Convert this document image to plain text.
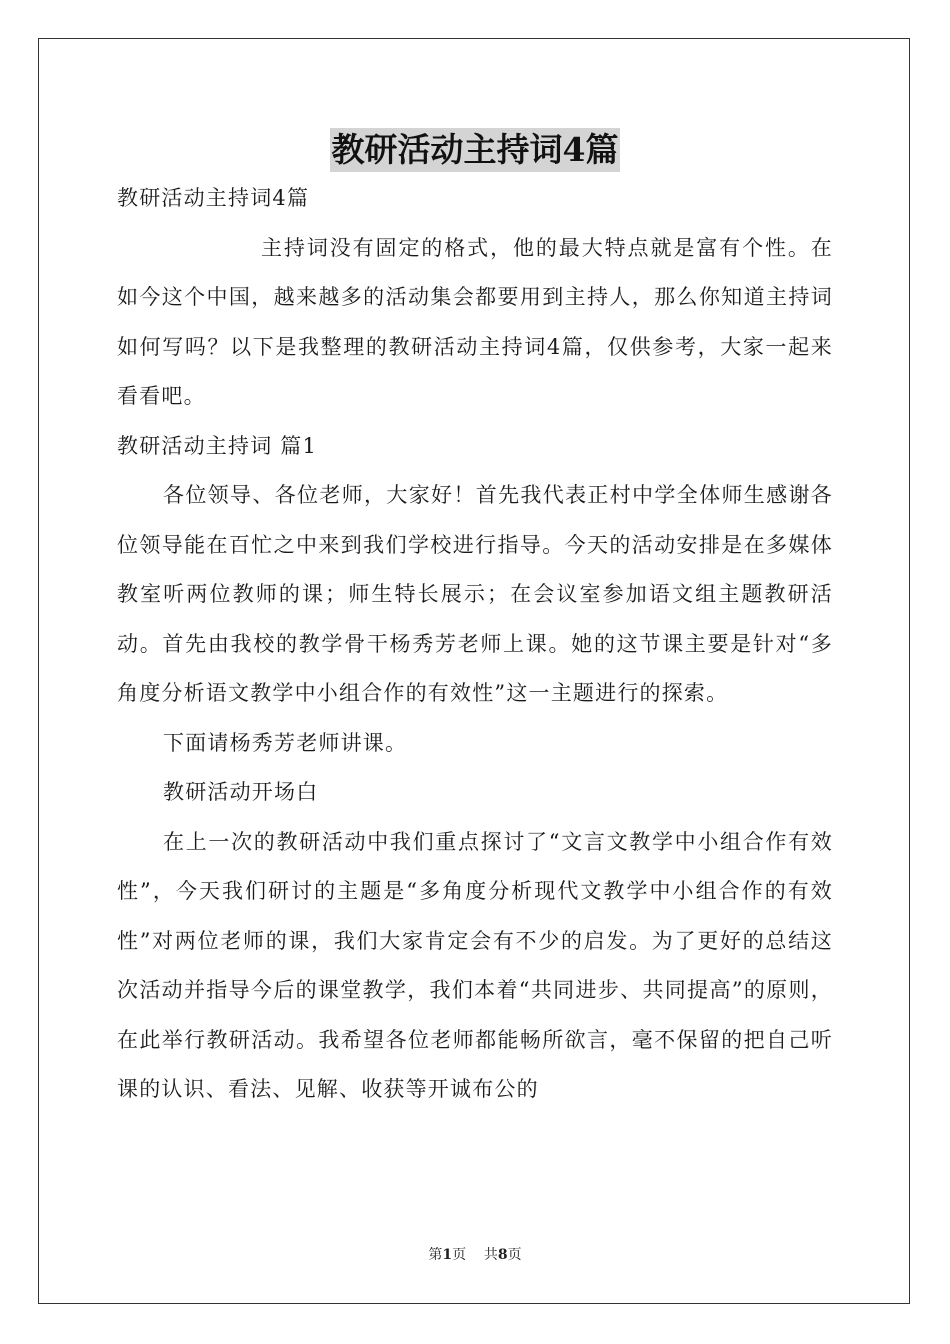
教研活动主持词4篇

教研活动主持词4篇

主持词没有固定的格式，他的最大特点就是富有个性。在如今这个中国，越来越多的活动集会都要用到主持人，那么你知道主持词如何写吗？以下是我整理的教研活动主持词4篇，仅供参考，大家一起来看看吧。

教研活动主持词 篇1

各位领导、各位老师，大家好！首先我代表正村中学全体师生感谢各位领导能在百忙之中来到我们学校进行指导。今天的活动安排是在多媒体教室听两位教师的课；师生特长展示；在会议室参加语文组主题教研活动。首先由我校的教学骨干杨秀芳老师上课。她的这节课主要是针对“多角度分析语文教学中小组合作的有效性”这一主题进行的探索。

下面请杨秀芳老师讲课。

教研活动开场白

在上一次的教研活动中我们重点探讨了“文言文教学中小组合作有效性”，今天我们研讨的主题是“多角度分析现代文教学中小组合作的有效性”对两位老师的课，我们大家肯定会有不少的启发。为了更好的总结这次活动并指导今后的课堂教学，我们本着“共同进步、共同提高”的原则，在此举行教研活动。我希望各位老师都能畅所欲言，毫不保留的把自己听课的认识、看法、见解、收获等开诚布公的

第1页 共8页
